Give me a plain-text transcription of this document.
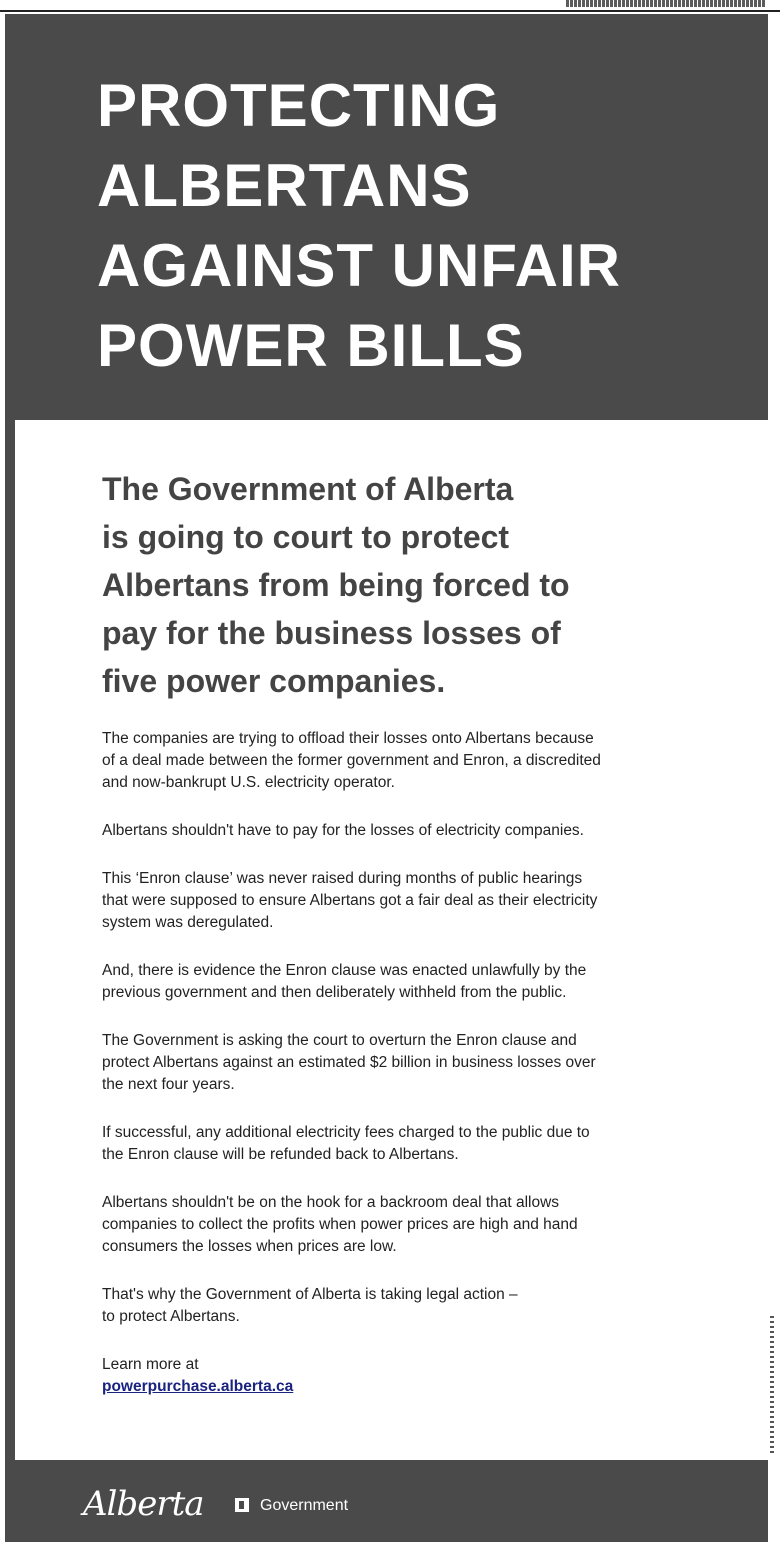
PROTECTING
ALBERTANS
AGAINST UNFAIR
POWER BILLS
The Government of Alberta
is going to court to protect
Albertans from being forced to
pay for the business losses of
five power companies.

The companies are trying to offload their losses onto Albertans because
of a deal made between the former government and Enron, a discredited
and now-bankrupt U.S. electricity operator.

Albertans shouldn't have to pay for the losses of electricity companies.

This ‘Enron clause’ was never raised during months of public hearings
that were supposed to ensure Albertans got a fair deal as their electricity
system was deregulated.

And, there is evidence the Enron clause was enacted unlawfully by the
previous government and then deliberately withheld from the public.

The Government is asking the court to overturn the Enron clause and
protect Albertans against an estimated $2 billion in business losses over
the next four years.

If successful, any additional electricity fees charged to the public due to
the Enron clause will be refunded back to Albertans.

Albertans shouldn't be on the hook for a backroom deal that allows
companies to collect the profits when power prices are high and hand
consumers the losses when prices are low.

That's why the Government of Alberta is taking legal action –
to protect Albertans.

Learn more at
powerpurchase.alberta.ca

Alberta	Government
